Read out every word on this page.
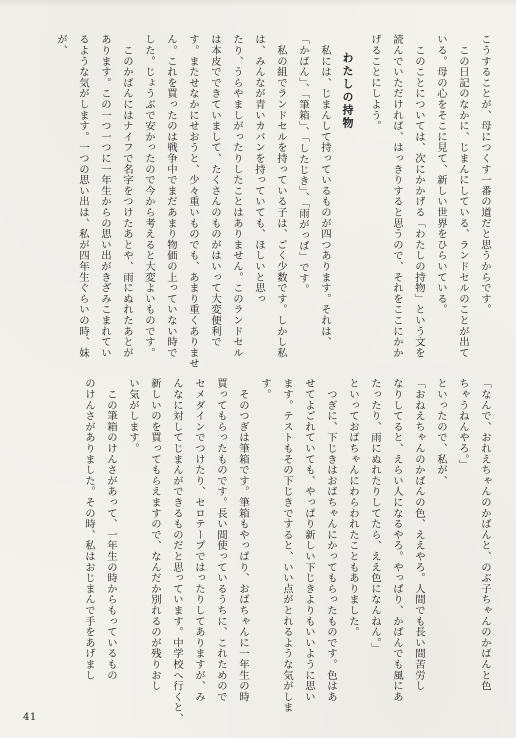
こうすることが、母につくす一番の道だと思うからです。
　この日記のなかに、じまんにしている、ランドセルのことが出て
いる。母の心をそこに見て、新しい世界をひらいている。
　このことについては、次にかかげる「わたしの持物」という文を
読んでいただければ、はっきりすると思うので、それをここにかか
げることにしよう。
わたしの持物
　私には、じまんして持っているものが四つあります。それは、
「かばん」、「筆箱」、「したじき」、「雨がっぱ」です。
　私の組でランドセルを持っている子は、ごく少数です。しかし私
は、みんなが青いカバンを持っていても、ほしいと思っ
たり、うらやましがったりしたことはありません。このランドセル
は本皮でできていまして、たくさんのものがはいって大変便利で
す。またせなかにせおうと、少々重いものでも、あまり重くありませ
ん。これを買ったのは戦争中でまだあまり物価の上っていない時で
した。じょうぶで安かったので今から考えると大変よいものです。
　このかばんにはナイフで名字をつけたあとや、雨にぬれたあとが
あります。この一つ一つに一年生からの思い出がきざみこまれてい
るような気がします。一つの思い出は、私が四年生ぐらいの時、妹
が、
「なんで、おれえちゃんのかばんと、のぶ子ちゃんのかばんと色
ちゃうねんやろ。」
といったので、私が、
「おねえちゃんのかばんの色、ええやろ。人間でも長い間苦労し
なりしてると、えらい人になるやろ。やっぱり、かばんでも風にあ
たったり、雨にぬれたりしてたら、ええ色になんねん。」
といっておばちゃんにわらわれたこともありました。
　つぎに、下じきはおばちゃんにかってもらったものです。色はあ
せてよごれていても、やっぱり新しい下じきよりもいいように思い
ます。テストもその下じきですると、いい点がとれるような気がしま
す。
　そのつぎは筆箱です。筆箱もやっぱり、おばちゃんに一年生の時
買ってもらったものです。長い間使っているうちに、これためので
セメダインでつけたり、セロテープではったりしてありますが、み
んなに対してじまんができるものだと思っています。中学校へ行くと、
新しいのを買ってもらえますので、なんだか別れるのが残りおし
い気がします。
　この筆箱のけんさがあって、一年生の時からもっているもの
のけんさがありました。その時、私はおじまんで手をあげまし
41
